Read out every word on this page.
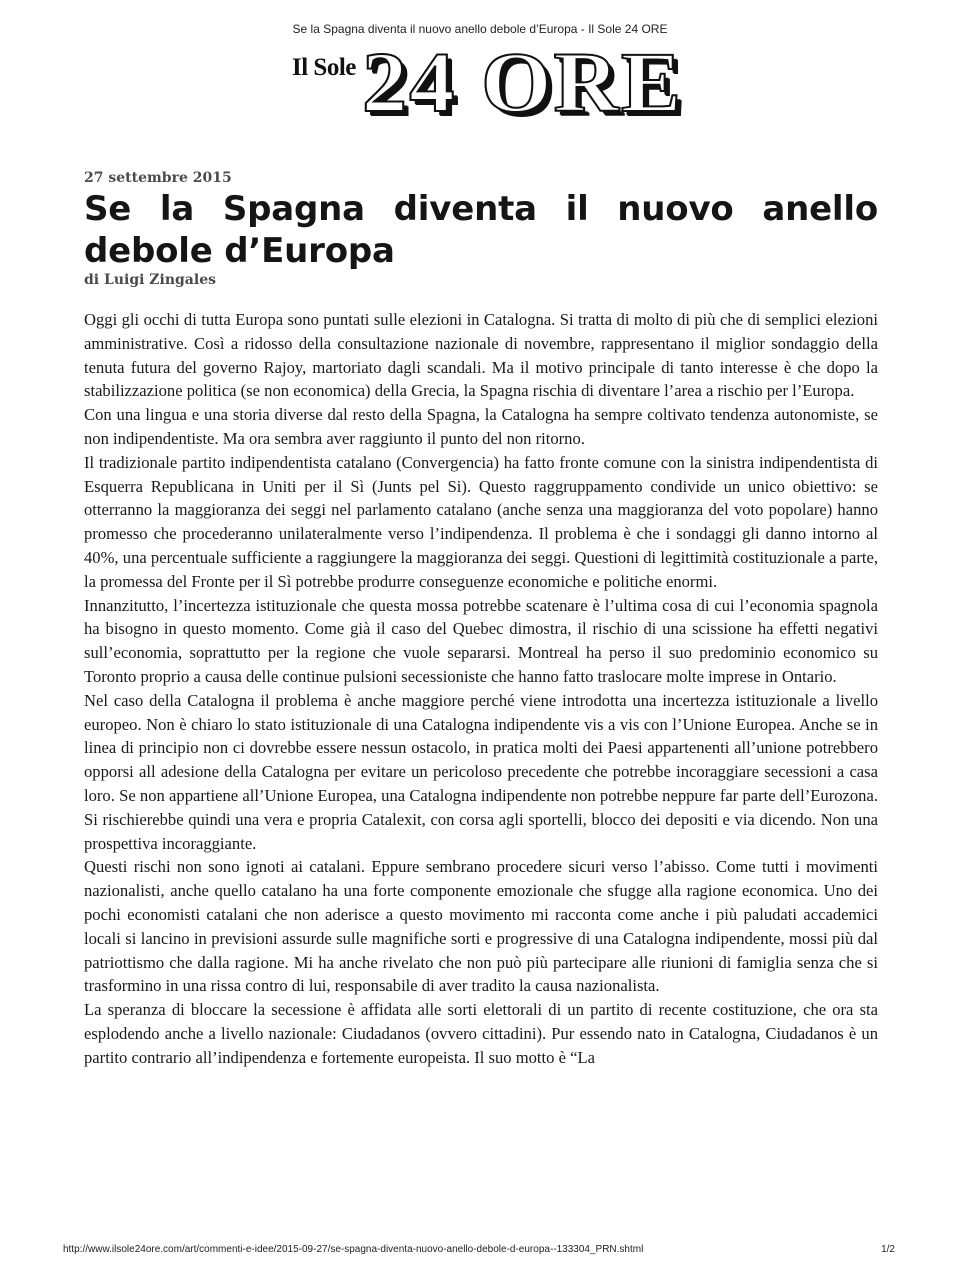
Se la Spagna diventa il nuovo anello debole d’Europa - Il Sole 24 ORE
Il Sole 24 ORE
27 settembre 2015
Se la Spagna diventa il nuovo anello debole d’Europa
di Luigi Zingales

Oggi gli occhi di tutta Europa sono puntati sulle elezioni in Catalogna. Si tratta di molto di più che di semplici elezioni amministrative. Così a ridosso della consultazione nazionale di novembre, rappresentano il miglior sondaggio della tenuta futura del governo Rajoy, martoriato dagli scandali. Ma il motivo principale di tanto interesse è che dopo la stabilizzazione politica (se non economica) della Grecia, la Spagna rischia di diventare l’area a rischio per l’Europa.

Con una lingua e una storia diverse dal resto della Spagna, la Catalogna ha sempre coltivato tendenza autonomiste, se non indipendentiste. Ma ora sembra aver raggiunto il punto del non ritorno.

Il tradizionale partito indipendentista catalano (Convergencia) ha fatto fronte comune con la sinistra indipendentista di Esquerra Republicana in Uniti per il Sì (Junts pel Si). Questo raggruppamento condivide un unico obiettivo: se otterranno la maggioranza dei seggi nel parlamento catalano (anche senza una maggioranza del voto popolare) hanno promesso che procederanno unilateralmente verso l’indipendenza. Il problema è che i sondaggi gli danno intorno al 40%, una percentuale sufficiente a raggiungere la maggioranza dei seggi. Questioni di legittimità costituzionale a parte, la promessa del Fronte per il Sì potrebbe produrre conseguenze economiche e politiche enormi.

Innanzitutto, l’incertezza istituzionale che questa mossa potrebbe scatenare è l’ultima cosa di cui l’economia spagnola ha bisogno in questo momento. Come già il caso del Quebec dimostra, il rischio di una scissione ha effetti negativi sull’economia, soprattutto per la regione che vuole separarsi. Montreal ha perso il suo predominio economico su Toronto proprio a causa delle continue pulsioni secessioniste che hanno fatto traslocare molte imprese in Ontario.

Nel caso della Catalogna il problema è anche maggiore perché viene introdotta una incertezza istituzionale a livello europeo. Non è chiaro lo stato istituzionale di una Catalogna indipendente vis a vis con l’Unione Europea. Anche se in linea di principio non ci dovrebbe essere nessun ostacolo, in pratica molti dei Paesi appartenenti all’unione potrebbero opporsi all adesione della Catalogna per evitare un pericoloso precedente che potrebbe incoraggiare secessioni a casa loro. Se non appartiene all’Unione Europea, una Catalogna indipendente non potrebbe neppure far parte dell’Eurozona. Si rischierebbe quindi una vera e propria Catalexit, con corsa agli sportelli, blocco dei depositi e via dicendo. Non una prospettiva incoraggiante.

Questi rischi non sono ignoti ai catalani. Eppure sembrano procedere sicuri verso l’abisso. Come tutti i movimenti nazionalisti, anche quello catalano ha una forte componente emozionale che sfugge alla ragione economica. Uno dei pochi economisti catalani che non aderisce a questo movimento mi racconta come anche i più paludati accademici locali si lancino in previsioni assurde sulle magnifiche sorti e progressive di una Catalogna indipendente, mossi più dal patriottismo che dalla ragione. Mi ha anche rivelato che non può più partecipare alle riunioni di famiglia senza che si trasformino in una rissa contro di lui, responsabile di aver tradito la causa nazionalista.

La speranza di bloccare la secessione è affidata alle sorti elettorali di un partito di recente costituzione, che ora sta esplodendo anche a livello nazionale: Ciudadanos (ovvero cittadini). Pur essendo nato in Catalogna, Ciudadanos è un partito contrario all’indipendenza e fortemente europeista. Il suo motto è “La

http://www.ilsole24ore.com/art/commenti-e-idee/2015-09-27/se-spagna-diventa-nuovo-anello-debole-d-europa--133304_PRN.shtml	1/2
